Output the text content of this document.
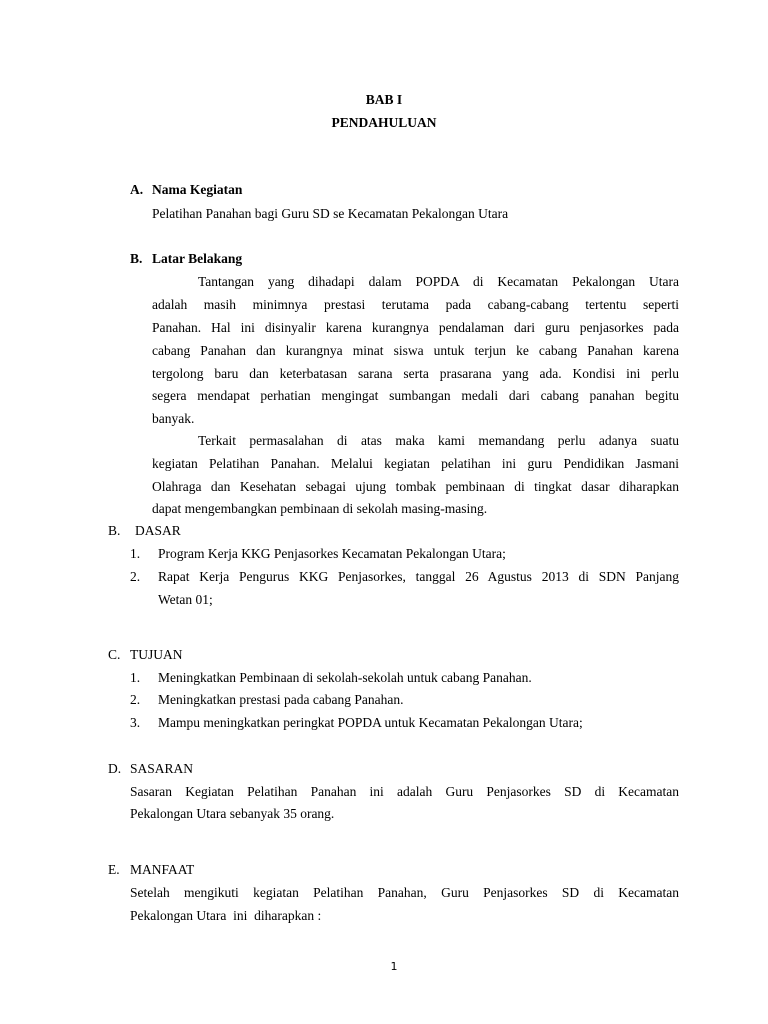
BAB I
PENDAHULUAN
A. Nama Kegiatan
Pelatihan Panahan bagi Guru SD se Kecamatan Pekalongan Utara
B. Latar Belakang
Tantangan yang dihadapi dalam POPDA di Kecamatan Pekalongan Utara
adalah masih minimnya prestasi terutama pada cabang-cabang tertentu seperti
Panahan. Hal ini disinyalir karena kurangnya pendalaman dari guru penjasorkes pada
cabang Panahan dan kurangnya minat siswa untuk terjun ke cabang Panahan karena
tergolong baru dan keterbatasan sarana serta prasarana yang ada. Kondisi ini perlu
segera mendapat perhatian mengingat sumbangan medali dari cabang panahan begitu
banyak.
Terkait permasalahan di atas maka kami memandang perlu adanya suatu
kegiatan Pelatihan Panahan. Melalui kegiatan pelatihan ini guru Pendidikan Jasmani
Olahraga dan Kesehatan sebagai ujung tombak pembinaan di tingkat dasar diharapkan
dapat mengembangkan pembinaan di sekolah masing-masing.
B. DASAR
1. Program Kerja KKG Penjasorkes Kecamatan Pekalongan Utara;
2. Rapat Kerja Pengurus KKG Penjasorkes, tanggal 26 Agustus 2013 di SDN Panjang
Wetan 01;
C. TUJUAN
1. Meningkatkan Pembinaan di sekolah-sekolah untuk cabang Panahan.
2. Meningkatkan prestasi pada cabang Panahan.
3. Mampu meningkatkan peringkat POPDA untuk Kecamatan Pekalongan Utara;
D. SASARAN
Sasaran Kegiatan Pelatihan Panahan ini adalah Guru Penjasorkes SD di Kecamatan
Pekalongan Utara sebanyak 35 orang.
E. MANFAAT
Setelah mengikuti kegiatan Pelatihan Panahan, Guru Penjasorkes SD di Kecamatan
Pekalongan Utara  ini  diharapkan :
1
